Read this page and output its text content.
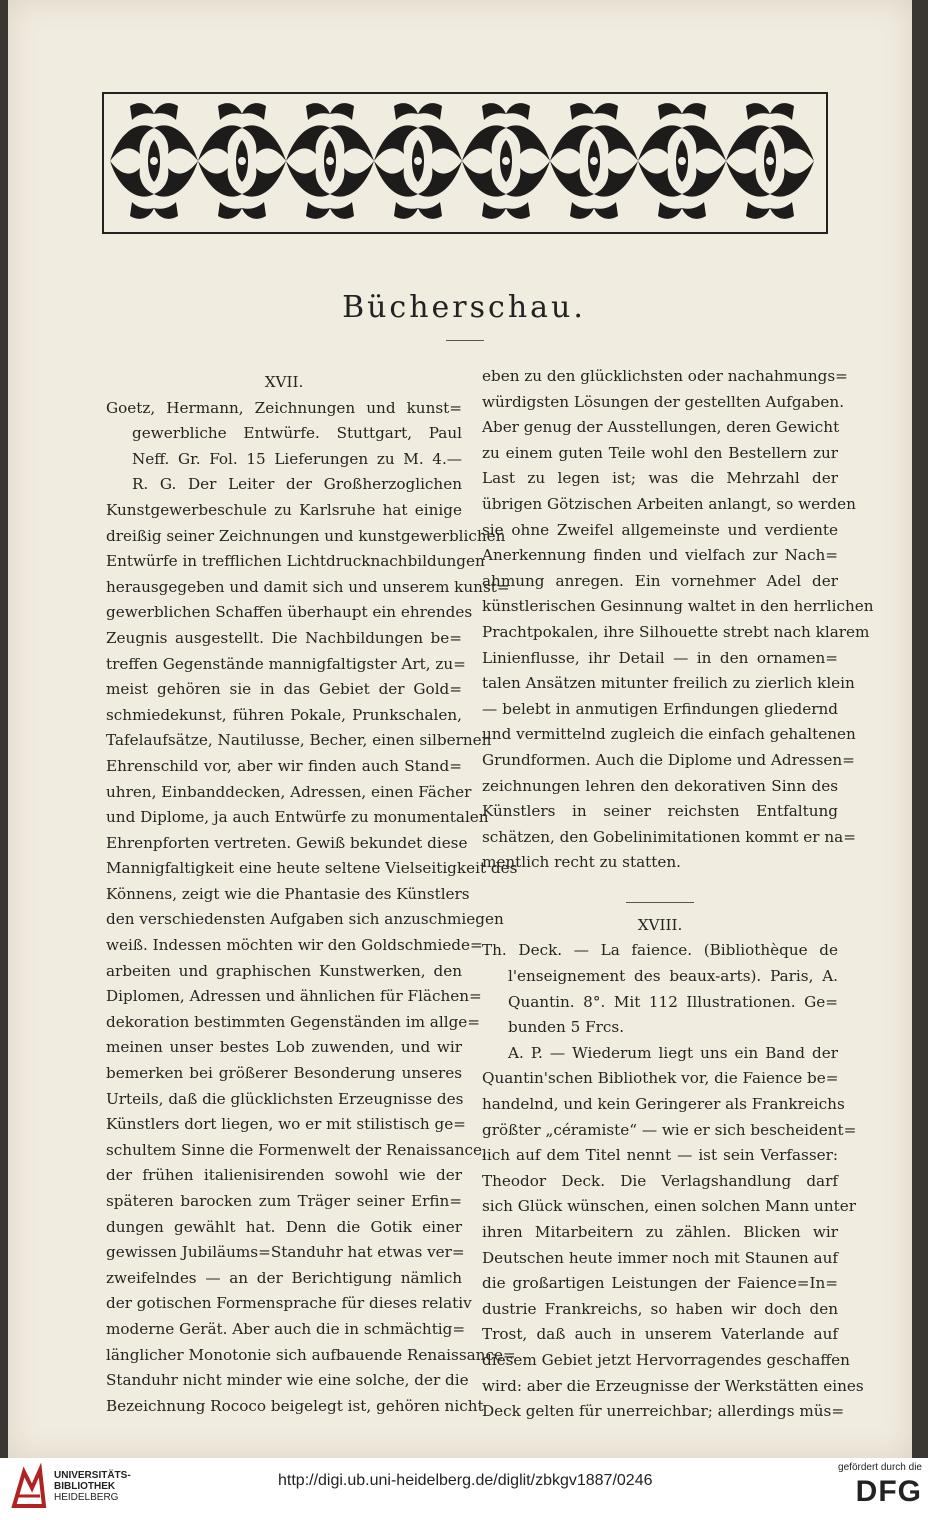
Bücherschau.
XVII.
Goetz, Hermann, Zeichnungen und kunst=
gewerbliche Entwürfe. Stuttgart, Paul
Neff. Gr. Fol. 15 Lieferungen zu M. 4.—
R. G. Der Leiter der Großherzoglichen
Kunstgewerbeschule zu Karlsruhe hat einige
dreißig seiner Zeichnungen und kunstgewerblichen
Entwürfe in trefflichen Lichtdrucknachbildungen
herausgegeben und damit sich und unserem kunst=
gewerblichen Schaffen überhaupt ein ehrendes
Zeugnis ausgestellt. Die Nachbildungen be=
treffen Gegenstände mannigfaltigster Art, zu=
meist gehören sie in das Gebiet der Gold=
schmiedekunst, führen Pokale, Prunkschalen,
Tafelaufsätze, Nautilusse, Becher, einen silbernen
Ehrenschild vor, aber wir finden auch Stand=
uhren, Einbanddecken, Adressen, einen Fächer
und Diplome, ja auch Entwürfe zu monumentalen
Ehrenpforten vertreten. Gewiß bekundet diese
Mannigfaltigkeit eine heute seltene Vielseitigkeit des
Könnens, zeigt wie die Phantasie des Künstlers
den verschiedensten Aufgaben sich anzuschmiegen
weiß. Indessen möchten wir den Goldschmiede=
arbeiten und graphischen Kunstwerken, den
Diplomen, Adressen und ähnlichen für Flächen=
dekoration bestimmten Gegenständen im allge=
meinen unser bestes Lob zuwenden, und wir
bemerken bei größerer Besonderung unseres
Urteils, daß die glücklichsten Erzeugnisse des
Künstlers dort liegen, wo er mit stilistisch ge=
schultem Sinne die Formenwelt der Renaissance,
der frühen italienisirenden sowohl wie der
späteren barocken zum Träger seiner Erfin=
dungen gewählt hat. Denn die Gotik einer
gewissen Jubiläums=Standuhr hat etwas ver=
zweifelndes — an der Berichtigung nämlich
der gotischen Formensprache für dieses relativ
moderne Gerät. Aber auch die in schmächtig=
länglicher Monotonie sich aufbauende Renaissance=
Standuhr nicht minder wie eine solche, der die
Bezeichnung Rococo beigelegt ist, gehören nicht
eben zu den glücklichsten oder nachahmungs=
würdigsten Lösungen der gestellten Aufgaben.
Aber genug der Ausstellungen, deren Gewicht
zu einem guten Teile wohl den Bestellern zur
Last zu legen ist; was die Mehrzahl der
übrigen Götzischen Arbeiten anlangt, so werden
sie ohne Zweifel allgemeinste und verdiente
Anerkennung finden und vielfach zur Nach=
ahmung anregen. Ein vornehmer Adel der
künstlerischen Gesinnung waltet in den herrlichen
Prachtpokalen, ihre Silhouette strebt nach klarem
Linienflusse, ihr Detail — in den ornamen=
talen Ansätzen mitunter freilich zu zierlich klein
— belebt in anmutigen Erfindungen gliedernd
und vermittelnd zugleich die einfach gehaltenen
Grundformen. Auch die Diplome und Adressen=
zeichnungen lehren den dekorativen Sinn des
Künstlers in seiner reichsten Entfaltung
schätzen, den Gobelinimitationen kommt er na=
mentlich recht zu statten.
XVIII.
Th. Deck. — La faience. (Bibliothèque de
l'enseignement des beaux-arts). Paris, A.
Quantin. 8°. Mit 112 Illustrationen. Ge=
bunden 5 Frcs.
A. P. — Wiederum liegt uns ein Band der
Quantin'schen Bibliothek vor, die Faience be=
handelnd, und kein Geringerer als Frankreichs
größter „céramiste“ — wie er sich bescheident=
lich auf dem Titel nennt — ist sein Verfasser:
Theodor Deck. Die Verlagshandlung darf
sich Glück wünschen, einen solchen Mann unter
ihren Mitarbeitern zu zählen. Blicken wir
Deutschen heute immer noch mit Staunen auf
die großartigen Leistungen der Faience=In=
dustrie Frankreichs, so haben wir doch den
Trost, daß auch in unserem Vaterlande auf
diesem Gebiet jetzt Hervorragendes geschaffen
wird: aber die Erzeugnisse der Werkstätten eines
Deck gelten für unerreichbar; allerdings müs=
UNIVERSITÄTS-
BIBLIOTHEK
HEIDELBERG
http://digi.ub.uni-heidelberg.de/diglit/zbkgv1887/0246
gefördert durch die
DFG
